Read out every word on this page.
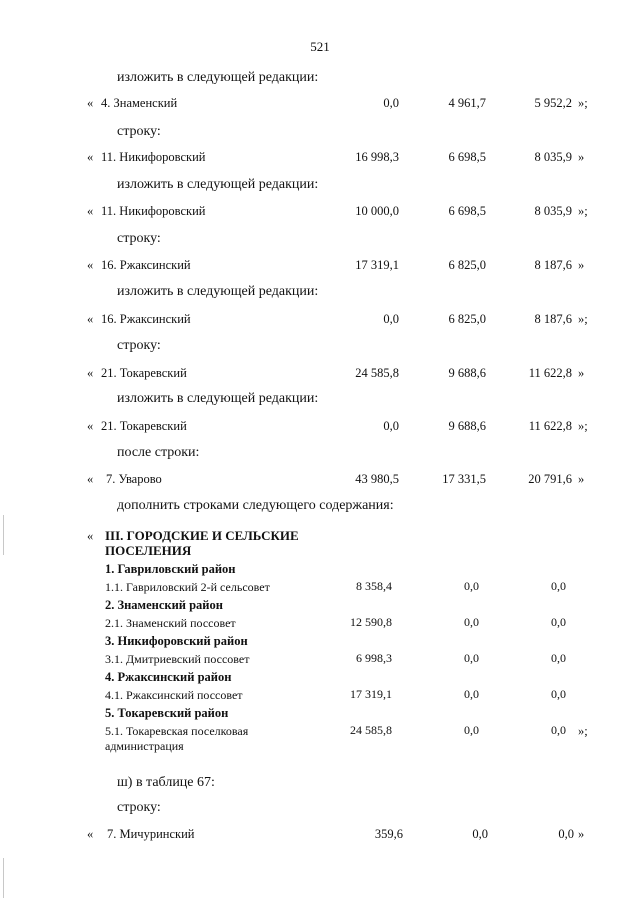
521
изложить в следующей редакции:
строку:
изложить в следующей редакции:
строку:
изложить в следующей редакции:
строку:
изложить в следующей редакции:
после строки:
дополнить строками следующего содержания:
ш) в таблице 67:
строку:
« 4. Знаменский	0,0	4 961,7	5 952,2 »;
« 11. Никифоровский	16 998,3	6 698,5	8 035,9 »
« 11. Никифоровский	10 000,0	6 698,5	8 035,9 »;
« 16. Ржаксинский	17 319,1	6 825,0	8 187,6 »
« 16. Ржаксинский	0,0	6 825,0	8 187,6 »;
« 21. Токаревский	24 585,8	9 688,6	11 622,8 »
« 21. Токаревский	0,0	9 688,6	11 622,8 »;
« 7. Уварово	43 980,5	17 331,5	20 791,6 »
« III. ГОРОДСКИЕ И СЕЛЬСКИЕ
ПОСЕЛЕНИЯ
1. Гавриловский район
1.1. Гавриловский 2-й сельсовет	8 358,4	0,0	0,0
2. Знаменский район
2.1. Знаменский поссовет	12 590,8	0,0	0,0
3. Никифоровский район
3.1. Дмитриевский поссовет	6 998,3	0,0	0,0
4. Ржаксинский район
4.1. Ржаксинский поссовет	17 319,1	0,0	0,0
5. Токаревский район
5.1. Токаревская поселковая
администрация
24 585,8	0,0	0,0 »;
« 7. Мичуринский	359,6	0,0	0,0 »
